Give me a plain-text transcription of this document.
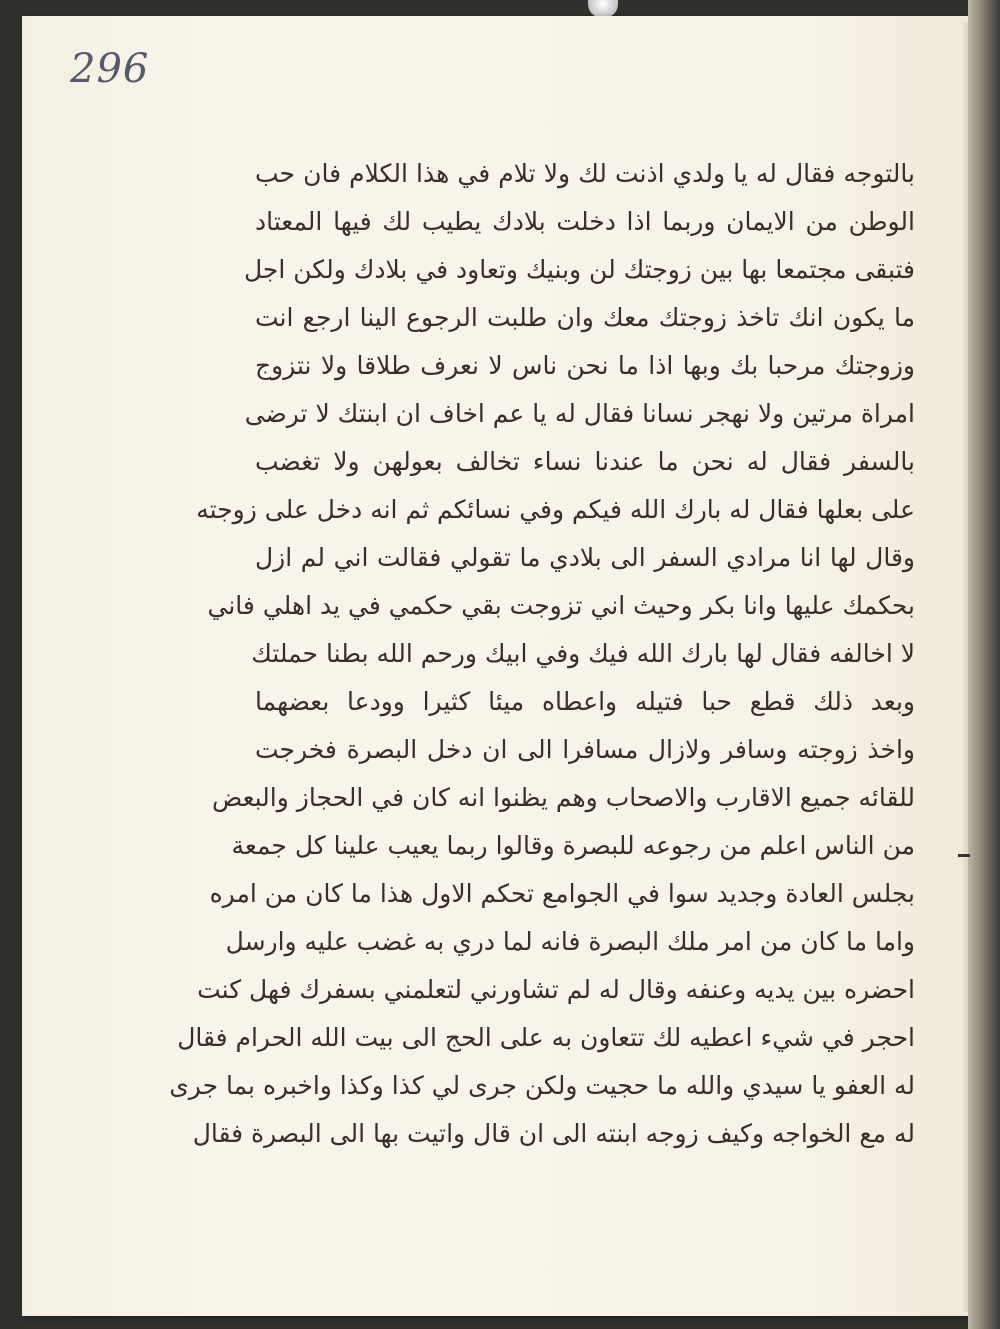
296
بالتوجه فقال له يا ولدي اذنت لك ولا تلام في هذا الكلام فان حب
الوطن من الايمان وربما اذا دخلت بلادك يطيب لك فيها المعتاد
فتبقى مجتمعا بها بين زوجتك لن وبنيك وتعاود في بلادك ولكن اجل
ما يكون انك تاخذ زوجتك معك وان طلبت الرجوع الينا ارجع انت
وزوجتك مرحبا بك وبها اذا ما نحن ناس لا نعرف طلاقا ولا نتزوج
امراة مرتين ولا نهجر نسانا فقال له يا عم اخاف ان ابنتك لا ترضى
بالسفر فقال له نحن ما عندنا نساء تخالف بعولهن ولا تغضب
على بعلها فقال له بارك الله فيكم وفي نسائكم ثم انه دخل على زوجته
وقال لها انا مرادي السفر الى بلادي ما تقولي فقالت اني لم ازل
بحكمك عليها وانا بكر وحيث اني تزوجت بقي حكمي في يد اهلي فاني
لا اخالفه فقال لها بارك الله فيك وفي ابيك ورحم الله بطنا حملتك
وبعد ذلك قطع حبا فتيله واعطاه ميئا كثيرا وودعا بعضهما
واخذ زوجته وسافر ولازال مسافرا الى ان دخل البصرة فخرجت
للقائه جميع الاقارب والاصحاب وهم يظنوا انه كان في الحجاز والبعض
من الناس اعلم من رجوعه للبصرة وقالوا ربما يعيب علينا كل جمعة
بجلس العادة وجديد سوا في الجوامع تحكم الاول هذا ما كان من امره
واما ما كان من امر ملك البصرة فانه لما دري به غضب عليه وارسل
احضره بين يديه وعنفه وقال له لم تشاورني لتعلمني بسفرك فهل كنت
احجر في شيء اعطيه لك تتعاون به على الحج الى بيت الله الحرام فقال
له العفو يا سيدي والله ما حجيت ولكن جرى لي كذا وكذا واخبره بما جرى
له مع الخواجه وكيف زوجه ابنته الى ان قال واتيت بها الى البصرة فقال
